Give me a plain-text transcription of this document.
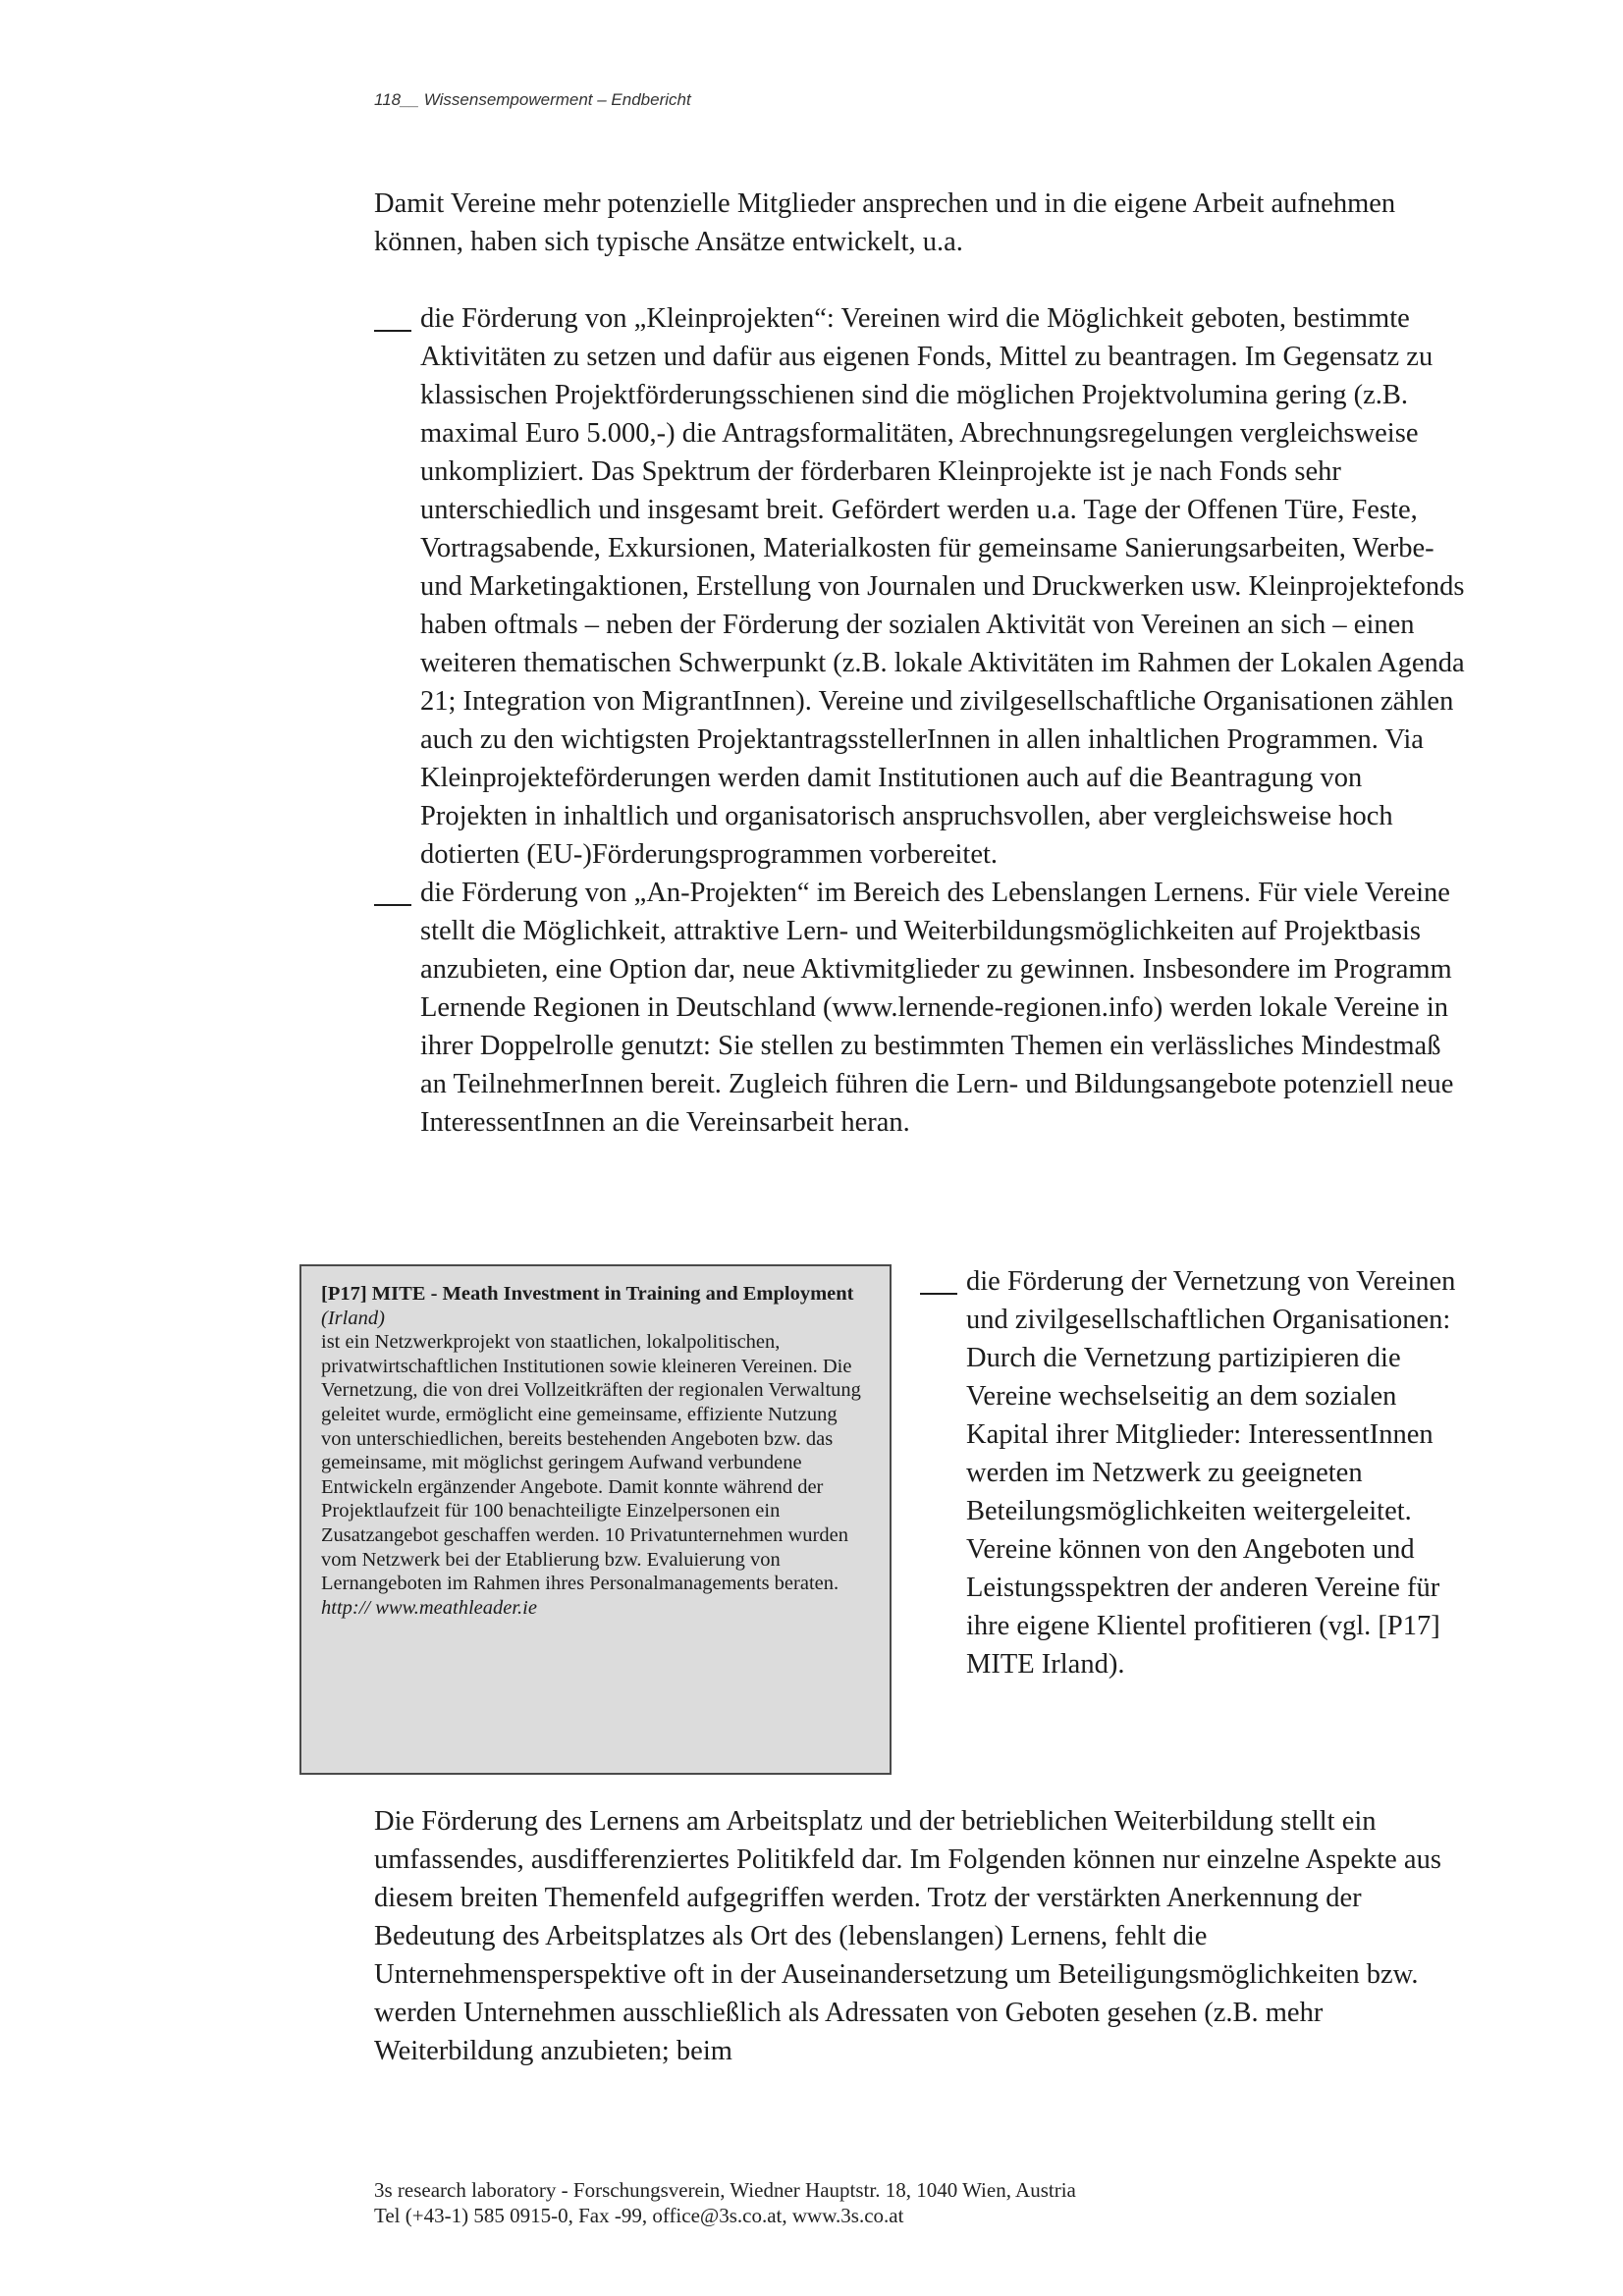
118__ Wissensempowerment – Endbericht

Damit Vereine mehr potenzielle Mitglieder ansprechen und in die eigene Arbeit aufnehmen können, haben sich typische Ansätze entwickelt, u.a.

die Förderung von „Kleinprojekten“: Vereinen wird die Möglichkeit geboten, bestimmte Aktivitäten zu setzen und dafür aus eigenen Fonds, Mittel zu beantragen. Im Gegensatz zu klassischen Projektförderungsschienen sind die möglichen Projektvolumina gering (z.B. maximal Euro 5.000,-) die Antragsformalitäten, Abrechnungsregelungen vergleichsweise unkompliziert. Das Spektrum der förderbaren Kleinprojekte ist je nach Fonds sehr unterschiedlich und insgesamt breit. Gefördert werden u.a. Tage der Offenen Türe, Feste, Vortragsabende, Exkursionen, Materialkosten für gemeinsame Sanierungsarbeiten, Werbe- und Marketingaktionen, Erstellung von Journalen und Druckwerken usw. Kleinprojektefonds haben oftmals – neben der Förderung der sozialen Aktivität von Vereinen an sich – einen weiteren thematischen Schwerpunkt (z.B. lokale Aktivitäten im Rahmen der Lokalen Agenda 21; Integration von MigrantInnen). Vereine und zivilgesellschaftliche Organisationen zählen auch zu den wichtigsten ProjektantragsstellerInnen in allen inhaltlichen Programmen. Via Kleinprojekteförderungen werden damit Institutionen auch auf die Beantragung von Projekten in inhaltlich und organisatorisch anspruchsvollen, aber vergleichsweise hoch dotierten (EU-)Förderungsprogrammen vorbereitet.

die Förderung von „An-Projekten“ im Bereich des Lebenslangen Lernens. Für viele Vereine stellt die Möglichkeit, attraktive Lern- und Weiterbildungsmöglichkeiten auf Projektbasis anzubieten, eine Option dar, neue Aktivmitglieder zu gewinnen. Insbesondere im Programm Lernende Regionen in Deutschland (www.lernende-regionen.info) werden lokale Vereine in ihrer Doppelrolle genutzt: Sie stellen zu bestimmten Themen ein verlässliches Mindestmaß an TeilnehmerInnen bereit. Zugleich führen die Lern- und Bildungsangebote potenziell neue InteressentInnen an die Vereinsarbeit heran.

[P17] MITE - Meath Investment in Training and Employment (Irland)
ist ein Netzwerkprojekt von staatlichen, lokalpolitischen, privatwirtschaftlichen Institutionen sowie kleineren Vereinen. Die Vernetzung, die von drei Vollzeitkräften der regionalen Verwaltung geleitet wurde, ermöglicht eine gemeinsame, effiziente Nutzung von unterschiedlichen, bereits bestehenden Angeboten bzw. das gemeinsame, mit möglichst geringem Aufwand verbundene Entwickeln ergänzender Angebote. Damit konnte während der Projektlaufzeit für 100 benachteiligte Einzelpersonen ein Zusatzangebot geschaffen werden. 10 Privatunternehmen wurden vom Netzwerk bei der Etablierung bzw. Evaluierung von Lernangeboten im Rahmen ihres Personalmanagements beraten.
http:// www.meathleader.ie

die Förderung der Vernetzung von Vereinen und zivilgesellschaftlichen Organisationen: Durch die Vernetzung partizipieren die Vereine wechselseitig an dem sozialen Kapital ihrer Mitglieder: InteressentInnen werden im Netzwerk zu geeigneten Beteilungsmöglichkeiten weitergeleitet. Vereine können von den Angeboten und Leistungsspektren der anderen Vereine für ihre eigene Klientel profitieren (vgl. [P17] MITE Irland).

Die Förderung des Lernens am Arbeitsplatz und der betrieblichen Weiterbildung stellt ein umfassendes, ausdifferenziertes Politikfeld dar. Im Folgenden können nur einzelne Aspekte aus diesem breiten Themenfeld aufgegriffen werden. Trotz der verstärkten Anerkennung der Bedeutung des Arbeitsplatzes als Ort des (lebenslangen) Lernens, fehlt die Unternehmensperspektive oft in der Auseinandersetzung um Beteiligungsmöglichkeiten bzw. werden Unternehmen ausschließlich als Adressaten von Geboten gesehen (z.B. mehr Weiterbildung anzubieten; beim

3s research laboratory - Forschungsverein, Wiedner Hauptstr. 18, 1040 Wien, Austria
Tel (+43-1) 585 0915-0, Fax -99, office@3s.co.at, www.3s.co.at
